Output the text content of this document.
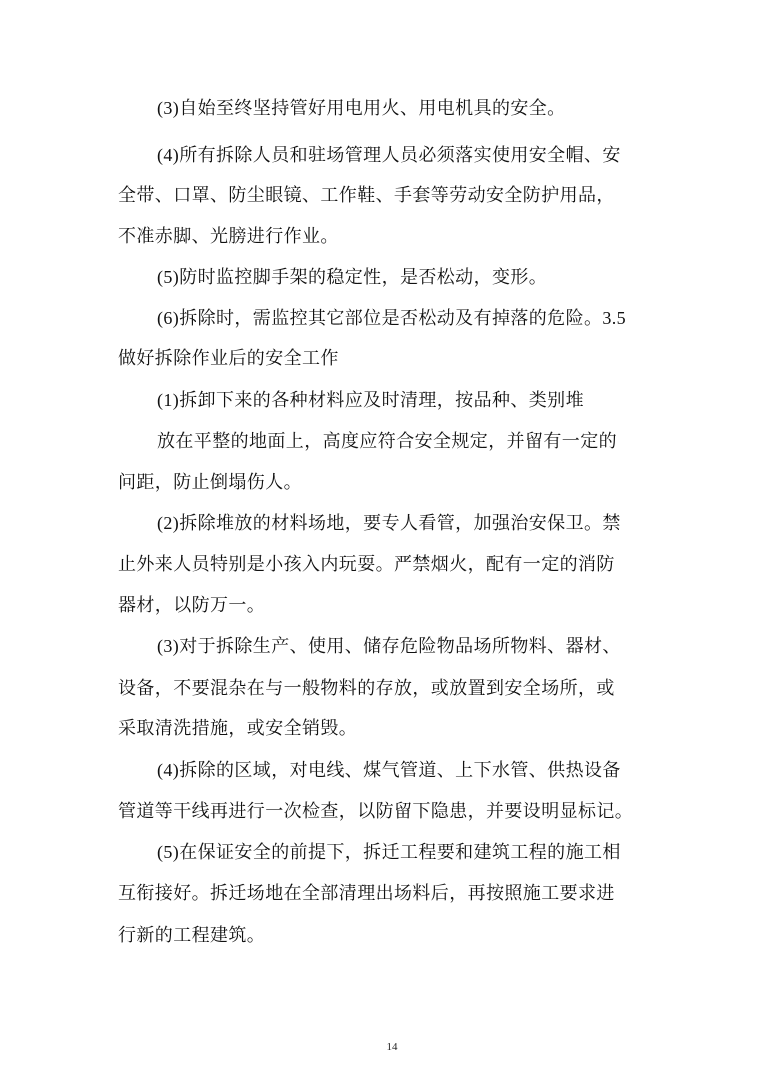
(3)自始至终坚持管好用电用火、用电机具的安全。
(4)所有拆除人员和驻场管理人员必须落实使用安全帽、安
全带、口罩、防尘眼镜、工作鞋、手套等劳动安全防护用品，
不准赤脚、光膀进行作业。
(5)防时监控脚手架的稳定性，是否松动，变形。
(6)拆除时，需监控其它部位是否松动及有掉落的危险。3.5
做好拆除作业后的安全工作
(1)拆卸下来的各种材料应及时清理，按品种、类别堆
放在平整的地面上，高度应符合安全规定，并留有一定的
问距，防止倒塌伤人。
(2)拆除堆放的材料场地，要专人看管，加强治安保卫。禁
止外来人员特别是小孩入内玩耍。严禁烟火，配有一定的消防
器材，以防万一。
(3)对于拆除生产、使用、储存危险物品场所物料、器材、
设备，不要混杂在与一般物料的存放，或放置到安全场所，或
采取清洗措施，或安全销毁。
(4)拆除的区域，对电线、煤气管道、上下水管、供热设备
管道等干线再进行一次检查，以防留下隐患，并要设明显标记。
(5)在保证安全的前提下，拆迁工程要和建筑工程的施工相
互衔接好。拆迁场地在全部清理出场料后，再按照施工要求进
行新的工程建筑。
14
